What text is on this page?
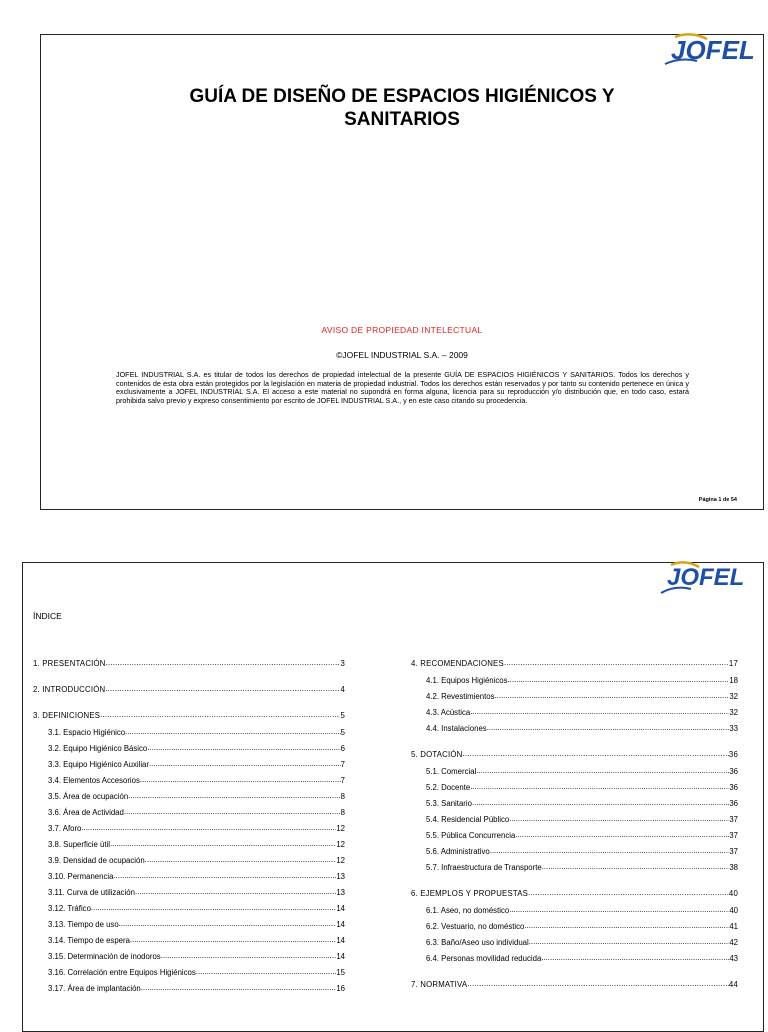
JOFEL
GUÍA DE DISEÑO DE ESPACIOS HIGIÉNICOS Y
SANITARIOS
AVISO DE PROPIEDAD INTELECTUAL
©JOFEL INDUSTRIAL S.A. – 2009
JOFEL INDUSTRIAL S.A. es titular de todos los derechos de propiedad intelectual de la presente GUÍA DE ESPACIOS HIGIÉNICOS Y SANITARIOS. Todos los derechos y contenidos de esta obra están protegidos por la legislación en materia de propiedad industrial. Todos los derechos están reservados y por tanto su contenido pertenece en única y exclusivamente a JOFEL INDUSTRIAL S.A. El acceso a este material no supondrá en forma alguna, licencia para su reproducción y/o distribución que, en todo caso, estará prohibida salvo previo y expreso consentimiento por escrito de JOFEL INDUSTRIAL S.A., y en este caso citando su procedencia.
Página 1 de 54
JOFEL
ÍNDICE
1. PRESENTACIÓN .....	3
2. INTRODUCCIÓN .....	4
3. DEFINICIONES .....	5
3.1. Espacio Higiénico .....	5
3.2. Equipo Higiénico Básico .....	6
3.3. Equipo Higiénico Auxiliar .....	7
3.4. Elementos Accesorios .....	7
3.5. Área de ocupación .....	8
3.6. Área de Actividad .....	8
3.7. Aforo .....	12
3.8. Superficie útil .....	12
3.9. Densidad de ocupación .....	12
3.10. Permanencia .....	13
3.11. Curva de utilización .....	13
3.12. Tráfico .....	14
3.13. Tiempo de uso .....	14
3.14. Tiempo de espera .....	14
3.15. Determinación de inodoros .....	14
3.16. Correlación entre Equipos Higiénicos .....	15
3.17. Área de implantación .....	16
4. RECOMENDACIONES .....	17
4.1. Equipos Higiénicos .....	18
4.2. Revestimientos .....	32
4.3. Acústica .....	32
4.4. Instalaciones .....	33
5. DOTACIÓN .....	36
5.1. Comercial .....	36
5.2. Docente .....	36
5.3. Sanitario .....	36
5.4. Residencial Público .....	37
5.5. Pública Concurrencia .....	37
5.6. Administrativo .....	37
5.7. Infraestructura de Transporte .....	38
6. EJEMPLOS Y PROPUESTAS .....	40
6.1. Aseo, no doméstico .....	40
6.2. Vestuario, no doméstico .....	41
6.3. Baño/Aseo uso individual .....	42
6.4. Personas movilidad reducida .....	43
7. NORMATIVA .....	44
